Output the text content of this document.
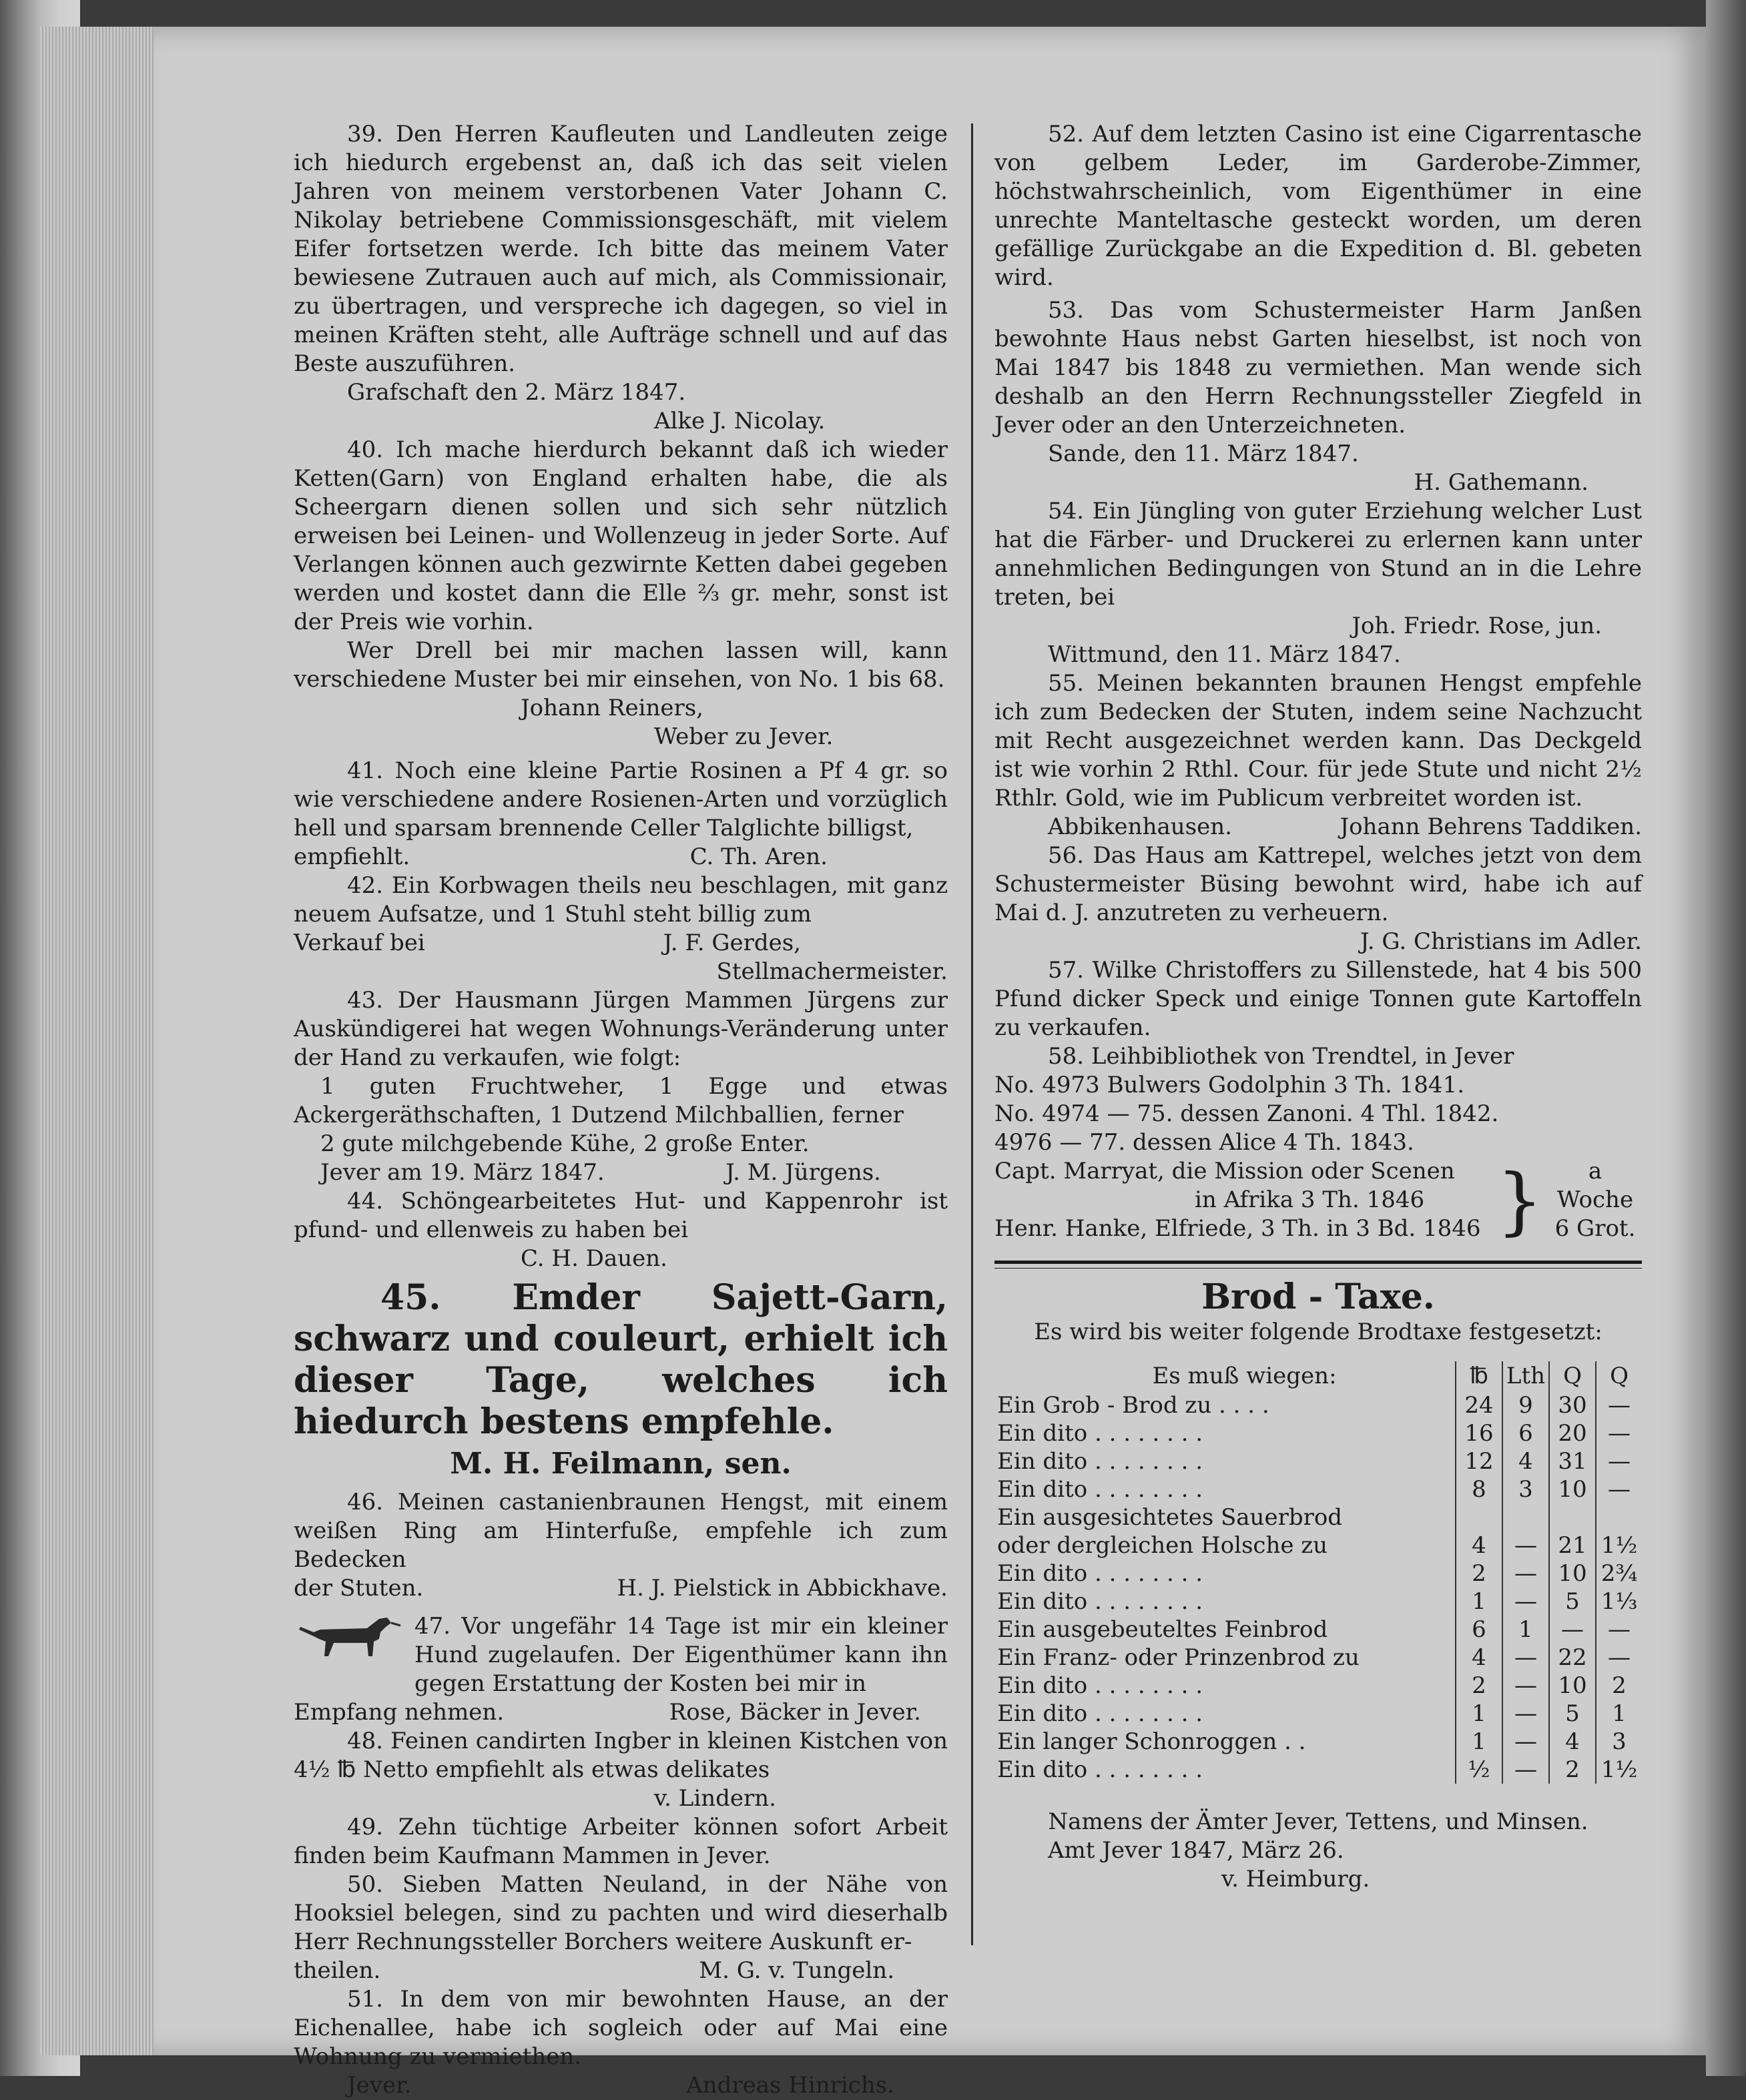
39. Den Herren Kaufleuten und Landleuten zeige ich hiedurch ergebenst an, daß ich das seit vielen Jahren von meinem verstorbenen Vater Johann C. Nikolay betriebene Commissionsgeschäft, mit vielem Eifer fortsetzen werde. Ich bitte das meinem Vater bewiesene Zutrauen auch auf mich, als Commissionair, zu übertragen, und verspreche ich dagegen, so viel in meinen Kräften steht, alle Aufträge schnell und auf das Beste auszuführen.

Grafschaft den 2. März 1847.

Alke J. Nicolay.

40. Ich mache hierdurch bekannt daß ich wieder Ketten(Garn) von England erhalten habe, die als Scheergarn dienen sollen und sich sehr nützlich erweisen bei Leinen- und Wollenzeug in jeder Sorte. Auf Verlangen können auch gezwirnte Ketten dabei gegeben werden und kostet dann die Elle ⅔ gr. mehr, sonst ist der Preis wie vorhin.

Wer Drell bei mir machen lassen will, kann verschiedene Muster bei mir einsehen, von No. 1 bis 68.

Johann Reiners,

Weber zu Jever.

41. Noch eine kleine Partie Rosinen a Pf 4 gr. so wie verschiedene andere Rosienen-Arten und vorzüglich hell und sparsam brennende Celler Talglichte billigst,

empfiehlt.	C. Th. Aren.

42. Ein Korbwagen theils neu beschlagen, mit ganz neuem Aufsatze, und 1 Stuhl steht billig zum

Verkauf bei	J. F. Gerdes,

Stellmachermeister.

43. Der Hausmann Jürgen Mammen Jürgens zur Auskündigerei hat wegen Wohnungs-Veränderung unter der Hand zu verkaufen, wie folgt:

1 guten Fruchtweher, 1 Egge und etwas Ackergeräthschaften, 1 Dutzend Milchballien, ferner

2 gute milchgebende Kühe, 2 große Enter.

Jever am 19. März 1847.	J. M. Jürgens.

44. Schöngearbeitetes Hut- und Kappenrohr ist pfund- und ellenweis zu haben bei

C. H. Dauen.

45. Emder Sajett-Garn, schwarz und couleurt, erhielt ich dieser Tage, welches ich hiedurch bestens empfehle.

M. H. Feilmann, sen.

46. Meinen castanienbraunen Hengst, mit einem weißen Ring am Hinterfuße, empfehle ich zum Bedecken

der Stuten.	H. J. Pielstick in Abbickhave.

47. Vor ungefähr 14 Tage ist mir ein kleiner Hund zugelaufen. Der Eigenthümer kann ihn gegen Erstattung der Kosten bei mir in

Empfang nehmen.	Rose, Bäcker in Jever.

48. Feinen candirten Ingber in kleinen Kistchen von 4½ ℔ Netto empfiehlt als etwas delikates

v. Lindern.

49. Zehn tüchtige Arbeiter können sofort Arbeit finden beim Kaufmann Mammen in Jever.

50. Sieben Matten Neuland, in der Nähe von Hooksiel belegen, sind zu pachten und wird dieserhalb Herr Rechnungssteller Borchers weitere Auskunft er-

theilen.	M. G. v. Tungeln.

51. In dem von mir bewohnten Hause, an der Eichenallee, habe ich sogleich oder auf Mai eine Wohnung zu vermiethen.

Jever.	Andreas Hinrichs.

52. Auf dem letzten Casino ist eine Cigarrentasche von gelbem Leder, im Garderobe-Zimmer, höchstwahrscheinlich, vom Eigenthümer in eine unrechte Manteltasche gesteckt worden, um deren gefällige Zurückgabe an die Expedition d. Bl. gebeten wird.

53. Das vom Schustermeister Harm Janßen bewohnte Haus nebst Garten hieselbst, ist noch von Mai 1847 bis 1848 zu vermiethen. Man wende sich deshalb an den Herrn Rechnungssteller Ziegfeld in Jever oder an den Unterzeichneten.

Sande, den 11. März 1847.

H. Gathemann.

54. Ein Jüngling von guter Erziehung welcher Lust hat die Färber- und Druckerei zu erlernen kann unter annehmlichen Bedingungen von Stund an in die Lehre treten, bei

Joh. Friedr. Rose, jun.

Wittmund, den 11. März 1847.

55. Meinen bekannten braunen Hengst empfehle ich zum Bedecken der Stuten, indem seine Nachzucht mit Recht ausgezeichnet werden kann. Das Deckgeld ist wie vorhin 2 Rthl. Cour. für jede Stute und nicht 2½ Rthlr. Gold, wie im Publicum verbreitet worden ist.

Abbikenhausen.	Johann Behrens Taddiken.

56. Das Haus am Kattrepel, welches jetzt von dem Schustermeister Büsing bewohnt wird, habe ich auf Mai d. J. anzutreten zu verheuern.

J. G. Christians im Adler.

57. Wilke Christoffers zu Sillenstede, hat 4 bis 500 Pfund dicker Speck und einige Tonnen gute Kartoffeln zu verkaufen.

58. Leihbibliothek von Trendtel, in Jever

No. 4973 Bulwers Godolphin 3 Th. 1841.

No. 4974 — 75. dessen Zanoni. 4 Thl. 1842.

4976 — 77. dessen Alice 4 Th. 1843.

Capt. Marryat, die Mission oder Scenen

in Afrika 3 Th. 1846

Henr. Hanke, Elfriede, 3 Th. in 3 Bd. 1846 }	a

Woche

6 Grot.

Brod - Taxe.

Es wird bis weiter folgende Brodtaxe festgesetzt:

Es muß wiegen:	℔	Lth	Q	Q
Ein Grob - Brod zu . . . .	24	9	30	—
Ein dito . . . . . . . .	16	6	20	—
Ein dito . . . . . . . .	12	4	31	—
Ein dito . . . . . . . .	8	3	10	—
Ein ausgesichtetes Sauerbrod				
oder dergleichen Holsche zu	4	—	21	1½
Ein dito . . . . . . . .	2	—	10	2¾
Ein dito . . . . . . . .	1	—	5	1⅓
Ein ausgebeuteltes Feinbrod	6	1	—	—
Ein Franz- oder Prinzenbrod zu	4	—	22	—
Ein dito . . . . . . . .	2	—	10	2
Ein dito . . . . . . . .	1	—	5	1
Ein langer Schonroggen . .	1	—	4	3
Ein dito . . . . . . . .	½	—	2	1½

Namens der Ämter Jever, Tettens, und Minsen.

Amt Jever 1847, März 26.

v. Heimburg.
